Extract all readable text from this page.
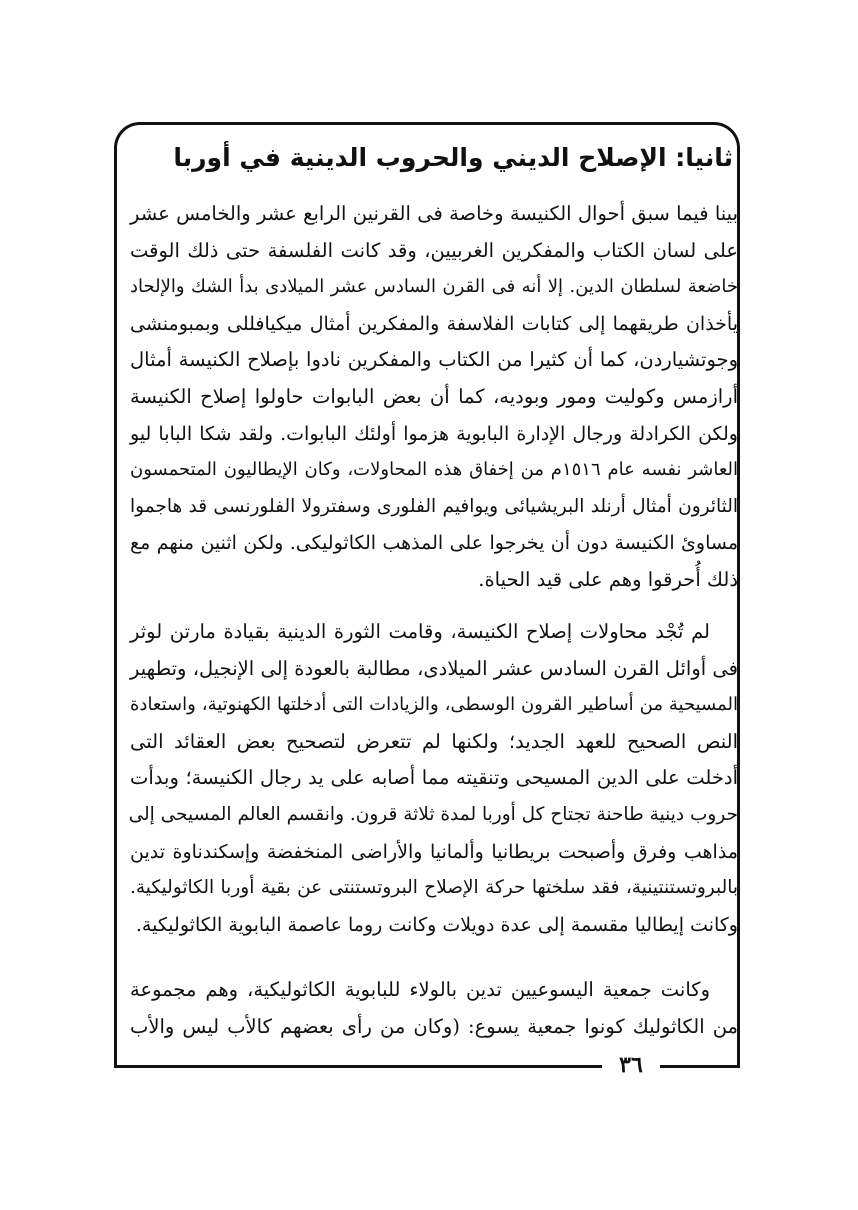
ثانيا: الإصلاح الديني والحروب الدينية في أوربا
بينا فيما سبق أحوال الكنيسة وخاصة فى القرنين الرابع عشر والخامس عشر
على لسان الكتاب والمفكرين الغربيين، وقد كانت الفلسفة حتى ذلك الوقت
خاضعة لسلطان الدين. إلا أنه فى القرن السادس عشر الميلادى بدأ الشك والإلحاد
يأخذان طريقهما إلى كتابات الفلاسفة والمفكرين أمثال ميكيافللى وبمبومنشى
وجوتشياردن، كما أن كثيرا من الكتاب والمفكرين نادوا بإصلاح الكنيسة أمثال
أرازمس وكوليت ومور وبوديه، كما أن بعض البابوات حاولوا إصلاح الكنيسة
ولكن الكرادلة ورجال الإدارة البابوية هزموا أولئك البابوات. ولقد شكا البابا ليو
العاشر نفسه عام ١٥١٦م من إخفاق هذه المحاولات، وكان الإيطاليون المتحمسون
الثائرون أمثال أرنلد البريشيائى ويوافيم الفلورى وسفترولا الفلورنسى قد هاجموا
مساوئ الكنيسة دون أن يخرجوا على المذهب الكاثوليكى. ولكن اثنين منهم مع
ذلك أُحرقوا وهم على قيد الحياة.
لم تُجْد محاولات إصلاح الكنيسة، وقامت الثورة الدينية بقيادة مارتن لوثر
فى أوائل القرن السادس عشر الميلادى، مطالبة بالعودة إلى الإنجيل، وتطهير
المسيحية من أساطير القرون الوسطى، والزيادات التى أدخلتها الكهنوتية، واستعادة
النص الصحيح للعهد الجديد؛ ولكنها لم تتعرض لتصحيح بعض العقائد التى
أدخلت على الدين المسيحى وتنقيته مما أصابه على يد رجال الكنيسة؛ وبدأت
حروب دينية طاحنة تجتاح كل أوربا لمدة ثلاثة قرون. وانقسم العالم المسيحى إلى
مذاهب وفرق وأصبحت بريطانيا وألمانيا والأراضى المنخفضة وإسكندناوة تدين
بالبروتستنتينية، فقد سلختها حركة الإصلاح البروتستنتى عن بقية أوربا الكاثوليكية.
وكانت إيطاليا مقسمة إلى عدة دويلات وكانت روما عاصمة البابوية الكاثوليكية.
وكانت جمعية اليسوعيين تدين بالولاء للبابوية الكاثوليكية، وهم مجموعة
من الكاثوليك كونوا جمعية يسوع: (وكان من رأى بعضهم كالأب ليس والأب
٣٦
